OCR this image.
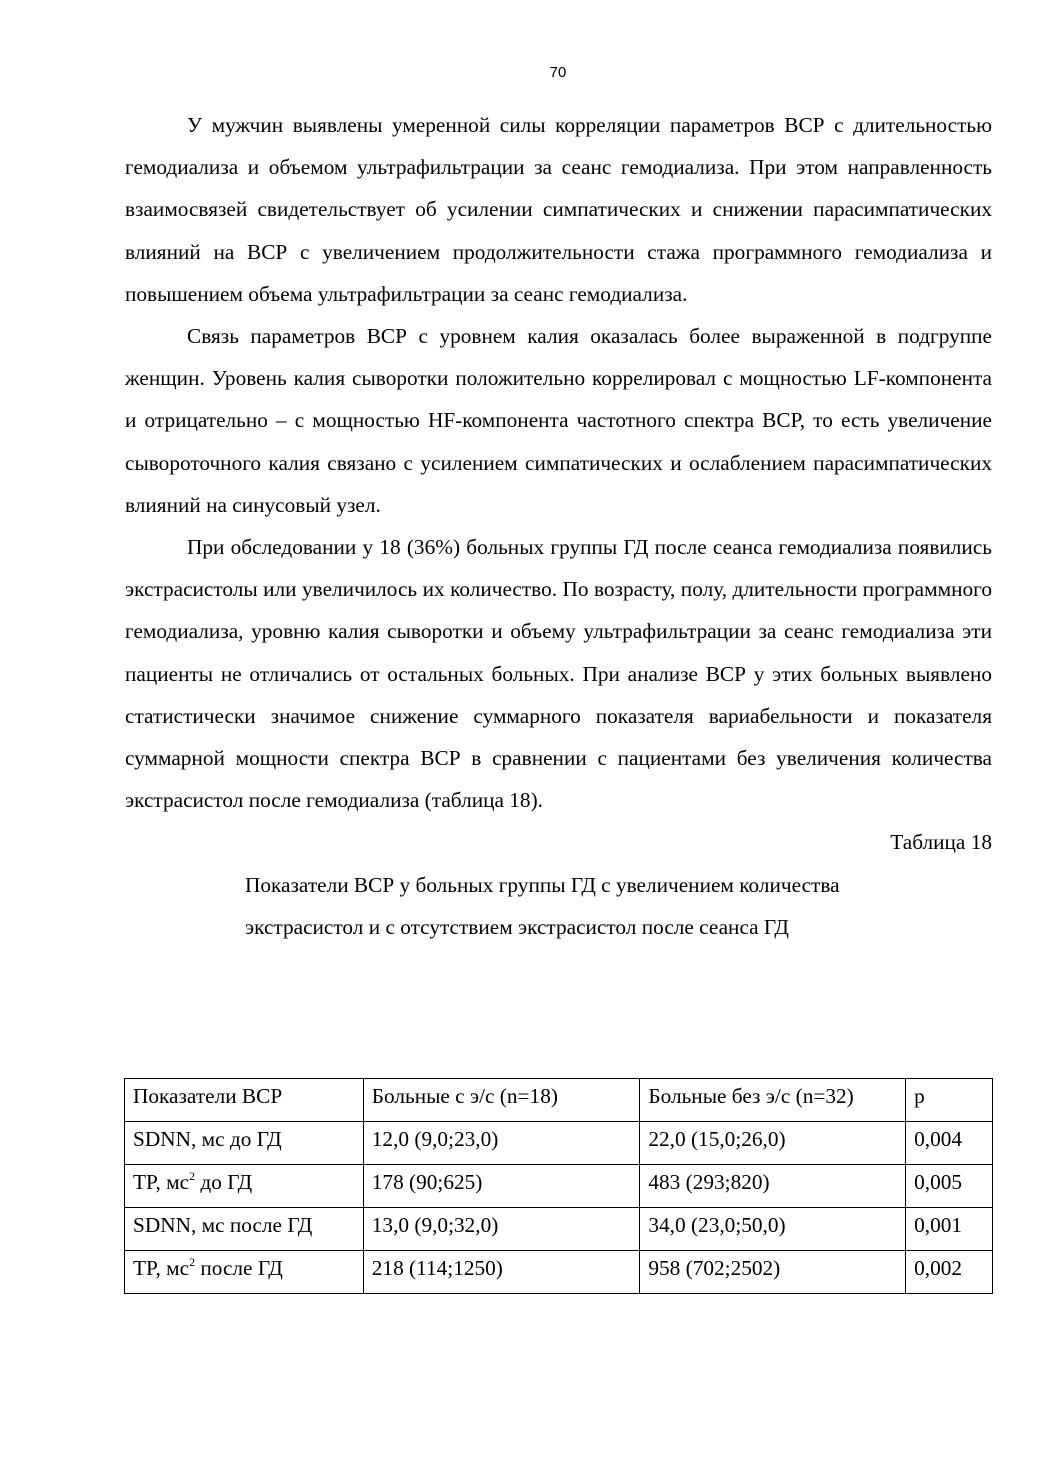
70

У мужчин выявлены умеренной силы корреляции параметров ВСР с длительностью гемодиализа и объемом ультрафильтрации за сеанс гемодиализа. При этом направленность взаимосвязей свидетельствует об усилении симпатических и снижении парасимпатических влияний на ВСР с увеличением продолжительности стажа программного гемодиализа и повышением объема ультрафильтрации за сеанс гемодиализа.

Связь параметров ВСР с уровнем калия оказалась более выраженной в подгруппе женщин. Уровень калия сыворотки положительно коррелировал с мощностью LF-компонента и отрицательно – с мощностью HF-компонента частотного спектра ВСР, то есть увеличение сывороточного калия связано с усилением симпатических и ослаблением парасимпатических влияний на синусовый узел.

При обследовании у 18 (36%) больных группы ГД после сеанса гемодиализа появились экстрасистолы или увеличилось их количество. По возрасту, полу, длительности программного гемодиализа, уровню калия сыворотки и объему ультрафильтрации за сеанс гемодиализа эти пациенты не отличались от остальных больных. При анализе ВСР у этих больных выявлено статистически значимое снижение суммарного показателя вариабельности и показателя суммарной мощности спектра ВСР в сравнении с пациентами без увеличения количества экстрасистол после гемодиализа (таблица 18).

Таблица 18

Показатели ВСР у больных группы ГД с увеличением количества экстрасистол и с отсутствием экстрасистол после сеанса ГД

Показатели ВСР	Больные с э/с (n=18)	Больные без э/с (n=32)	p
SDNN, мс до ГД	12,0 (9,0;23,0)	22,0 (15,0;26,0)	0,004
TP, $мс^2$ до ГД	178 (90;625)	483 (293;820)	0,005
SDNN, мс после ГД	13,0 (9,0;32,0)	34,0 (23,0;50,0)	0,001
TP, $мс^2$ после ГД	218 (114;1250)	958 (702;2502)	0,002
